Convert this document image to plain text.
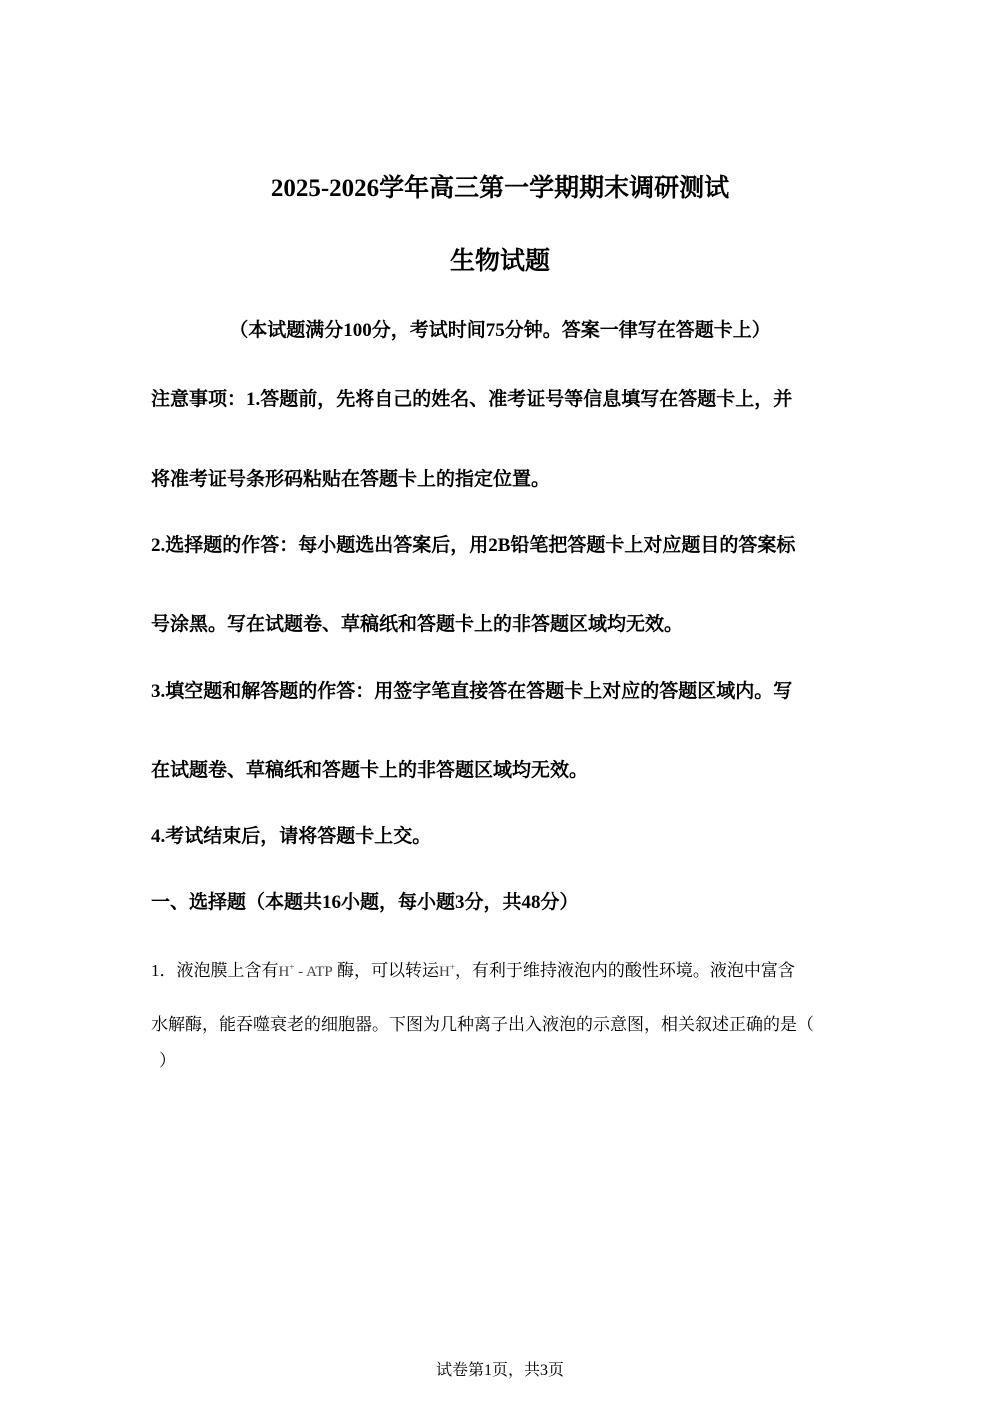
2025-2026学年高三第一学期期末调研测试
生物试题
（本试题满分100分，考试时间75分钟。答案一律写在答题卡上）
注意事项：1.答题前，先将自己的姓名、准考证号等信息填写在答题卡上，并
将准考证号条形码粘贴在答题卡上的指定位置。
2.选择题的作答：每小题选出答案后，用2B铅笔把答题卡上对应题目的答案标
号涂黑。写在试题卷、草稿纸和答题卡上的非答题区域均无效。
3.填空题和解答题的作答：用签字笔直接答在答题卡上对应的答题区域内。写
在试题卷、草稿纸和答题卡上的非答题区域均无效。
4.考试结束后，请将答题卡上交。
一、选择题（本题共16小题，每小题3分，共48分）
1．液泡膜上含有H+ - ATP 酶，可以转运H+，有利于维持液泡内的酸性环境。液泡中富含
水解酶，能吞噬衰老的细胞器。下图为几种离子出入液泡的示意图，相关叙述正确的是（
）
试卷第1页，共3页
